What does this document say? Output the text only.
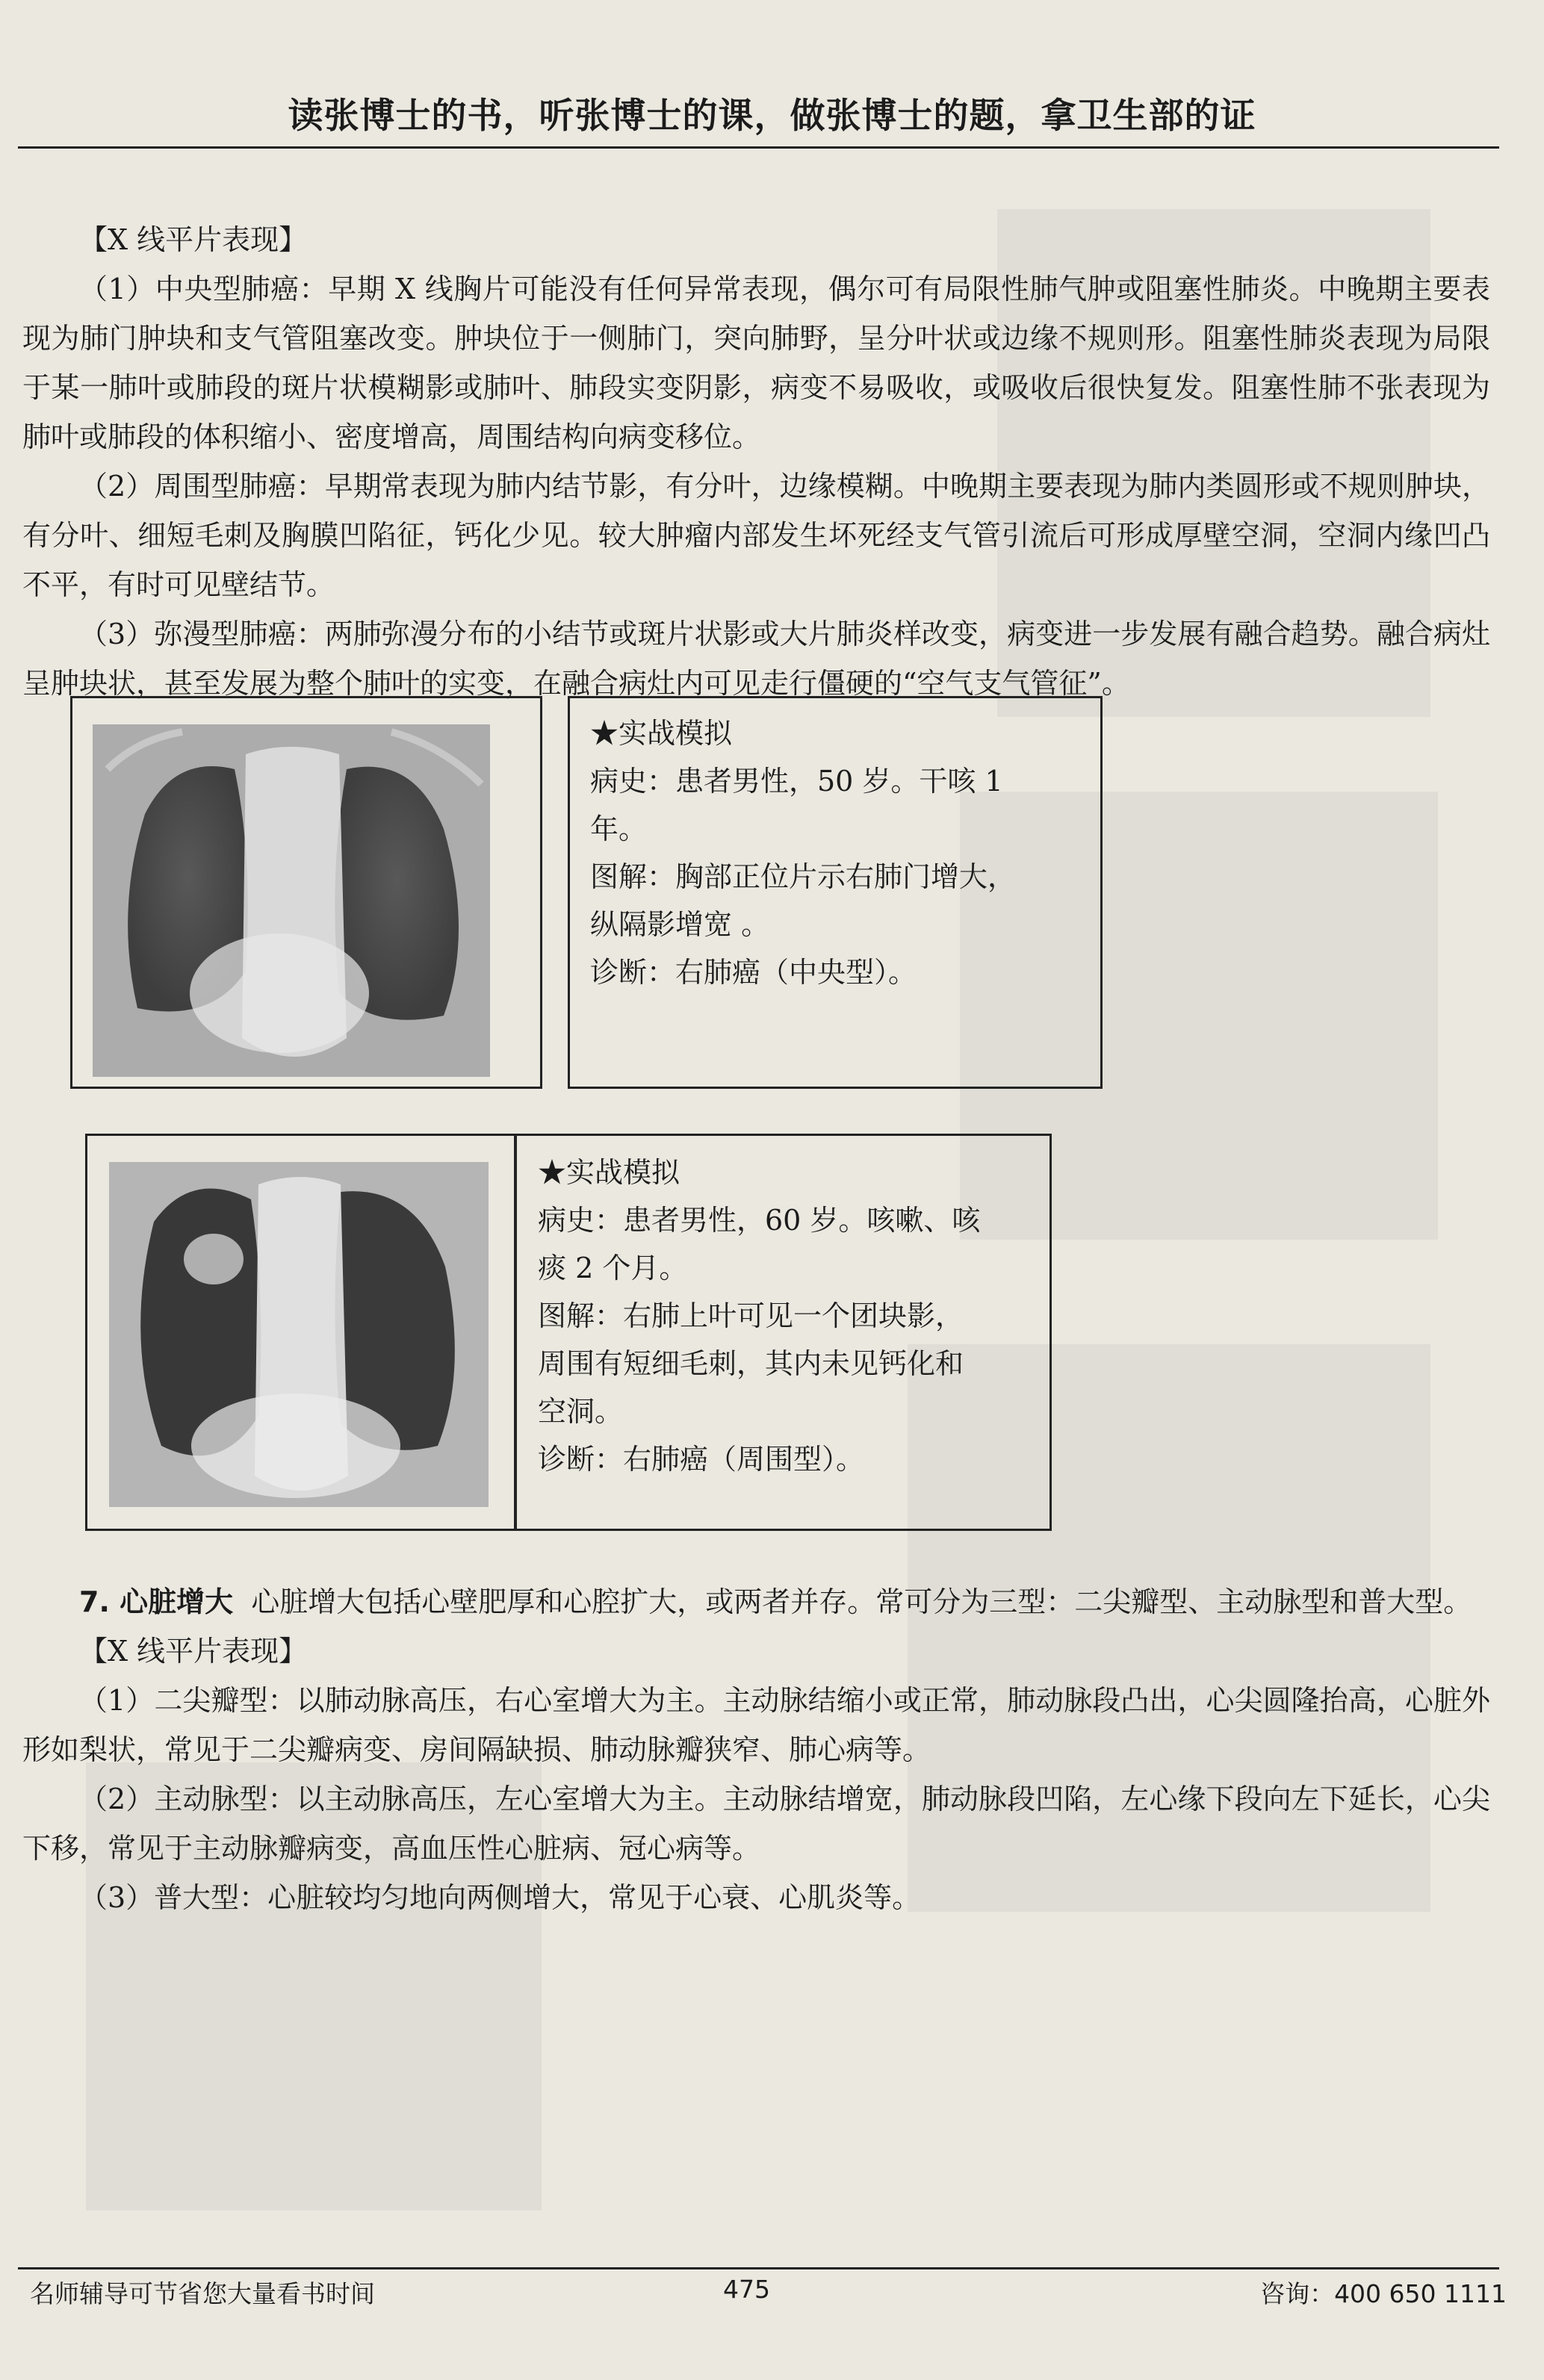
读张博士的书，听张博士的课，做张博士的题，拿卫生部的证

【X 线平片表现】

（1）中央型肺癌：早期 X 线胸片可能没有任何异常表现，偶尔可有局限性肺气肿或阻塞性肺炎。中晚期主要表现为肺门肿块和支气管阻塞改变。肿块位于一侧肺门，突向肺野，呈分叶状或边缘不规则形。阻塞性肺炎表现为局限于某一肺叶或肺段的斑片状模糊影或肺叶、肺段实变阴影，病变不易吸收，或吸收后很快复发。阻塞性肺不张表现为肺叶或肺段的体积缩小、密度增高，周围结构向病变移位。

（2）周围型肺癌：早期常表现为肺内结节影，有分叶，边缘模糊。中晚期主要表现为肺内类圆形或不规则肿块，有分叶、细短毛刺及胸膜凹陷征，钙化少见。较大肿瘤内部发生坏死经支气管引流后可形成厚壁空洞，空洞内缘凹凸不平，有时可见壁结节。

（3）弥漫型肺癌：两肺弥漫分布的小结节或斑片状影或大片肺炎样改变，病变进一步发展有融合趋势。融合病灶呈肿块状，甚至发展为整个肺叶的实变，在融合病灶内可见走行僵硬的“空气支气管征”。

★实战模拟
病史：患者男性，50 岁。干咳 1
年。
图解：胸部正位片示右肺门增大，
纵隔影增宽 。
诊断：右肺癌（中央型）。
★实战模拟
病史：患者男性，60 岁。咳嗽、咳
痰 2 个月。
图解：右肺上叶可见一个团块影，
周围有短细毛刺，其内未见钙化和
空洞。
诊断：右肺癌（周围型）。

7. 心脏增大 心脏增大包括心壁肥厚和心腔扩大，或两者并存。常可分为三型：二尖瓣型、主动脉型和普大型。

【X 线平片表现】

（1）二尖瓣型：以肺动脉高压，右心室增大为主。主动脉结缩小或正常，肺动脉段凸出，心尖圆隆抬高，心脏外形如梨状，常见于二尖瓣病变、房间隔缺损、肺动脉瓣狭窄、肺心病等。

（2）主动脉型：以主动脉高压，左心室增大为主。主动脉结增宽，肺动脉段凹陷，左心缘下段向左下延长，心尖下移，常见于主动脉瓣病变，高血压性心脏病、冠心病等。

（3）普大型：心脏较均匀地向两侧增大，常见于心衰、心肌炎等。

名师辅导可节省您大量看书时间	475	咨询：400 650 1111
